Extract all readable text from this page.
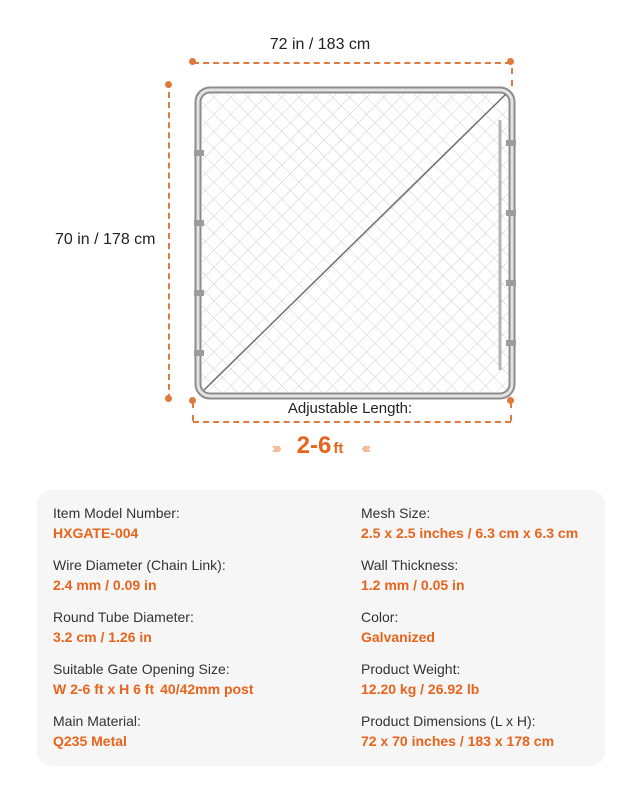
72 in / 183 cm
70 in / 178 cm
Adjustable Length:
››› 2-6 ft ‹‹‹
Item Model Number:
HXGATE-004
Wire Diameter (Chain Link):
2.4 mm / 0.09 in
Round Tube Diameter:
3.2 cm / 1.26 in
Suitable Gate Opening Size:
W 2-6 ft x H 6 ft 40/42mm post
Main Material:
Q235 Metal
Mesh Size:
2.5 x 2.5 inches / 6.3 cm x 6.3 cm
Wall Thickness:
1.2 mm / 0.05 in
Color:
Galvanized
Product Weight:
12.20 kg / 26.92 lb
Product Dimensions (L x H):
72 x 70 inches / 183 x 178 cm
